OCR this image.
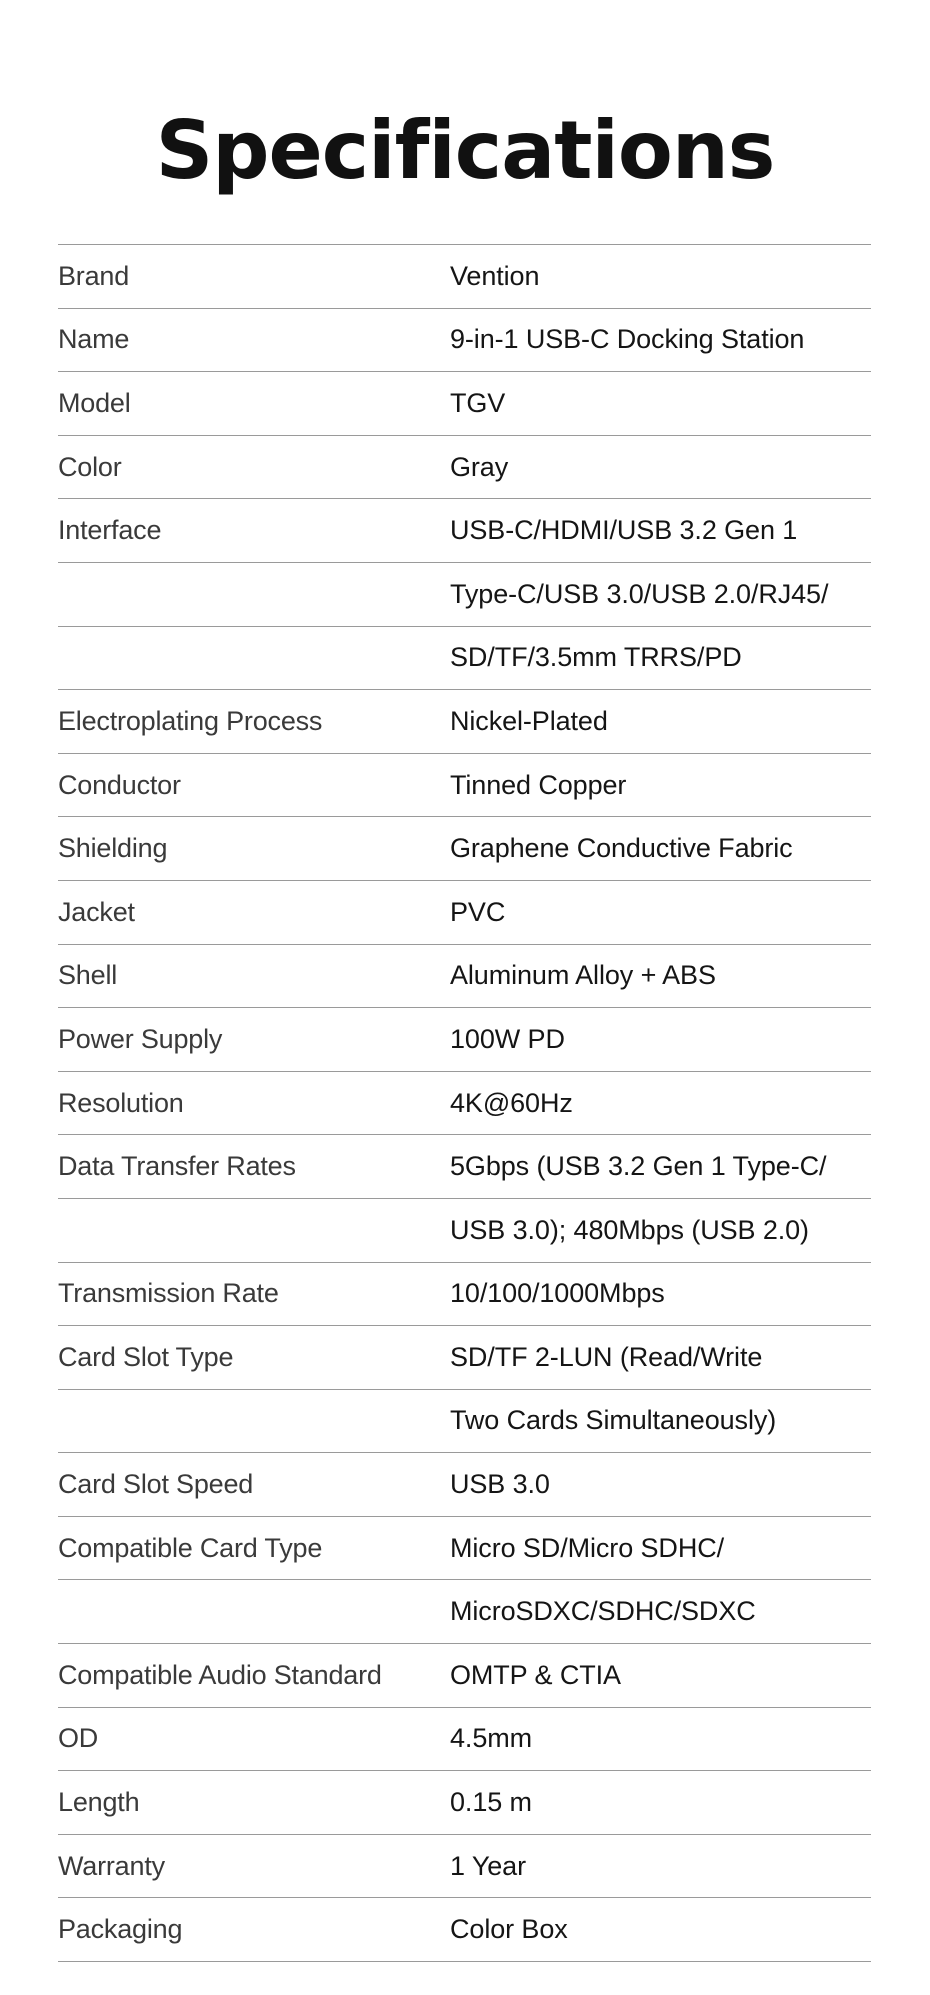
Specifications
Brand	Vention
Name	9-in-1 USB-C Docking Station
Model	TGV
Color	Gray
Interface	USB-C/HDMI/USB 3.2 Gen 1
Type-C/USB 3.0/USB 2.0/RJ45/
SD/TF/3.5mm TRRS/PD
Electroplating Process	Nickel-Plated
Conductor	Tinned Copper
Shielding	Graphene Conductive Fabric
Jacket	PVC
Shell	Aluminum Alloy + ABS
Power Supply	100W PD
Resolution	4K@60Hz
Data Transfer Rates	5Gbps (USB 3.2 Gen 1 Type-C/
USB 3.0); 480Mbps (USB 2.0)
Transmission Rate	10/100/1000Mbps
Card Slot Type	SD/TF 2-LUN (Read/Write
Two Cards Simultaneously)
Card Slot Speed	USB 3.0
Compatible Card Type	Micro SD/Micro SDHC/
MicroSDXC/SDHC/SDXC
Compatible Audio Standard	OMTP & CTIA
OD	4.5mm
Length	0.15 m
Warranty	1 Year
Packaging	Color Box
